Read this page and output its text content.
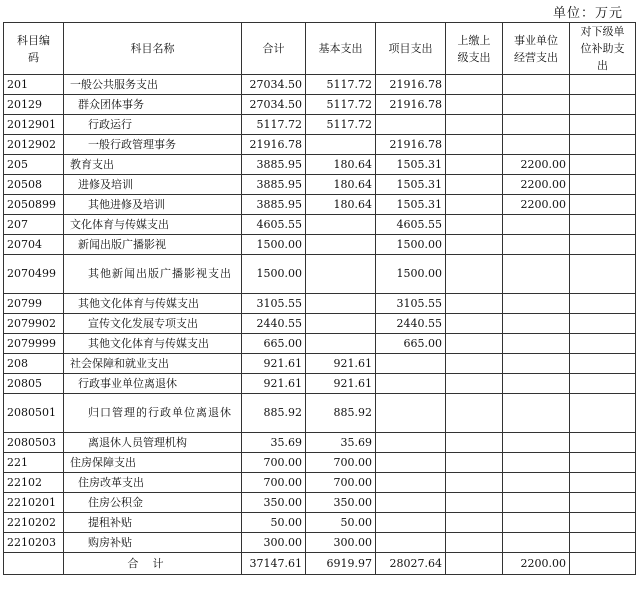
单位：万元
科目编码	科目名称	合计	基本支出	项目支出	上缴上级支出	事业单位经营支出	对下级单位补助支出
201	一般公共服务支出	27034.50	5117.72	21916.78			
20129	群众团体事务	27034.50	5117.72	21916.78			
2012901	行政运行	5117.72	5117.72				
2012902	一般行政管理事务	21916.78		21916.78			
205	教育支出	3885.95	180.64	1505.31		2200.00	
20508	进修及培训	3885.95	180.64	1505.31		2200.00	
2050899	其他进修及培训	3885.95	180.64	1505.31		2200.00	
207	文化体育与传媒支出	4605.55		4605.55			
20704	新闻出版广播影视	1500.00		1500.00			
2070499	其他新闻出版广播影视支出	1500.00		1500.00			
20799	其他文化体育与传媒支出	3105.55		3105.55			
2079902	宣传文化发展专项支出	2440.55		2440.55			
2079999	其他文化体育与传媒支出	665.00		665.00			
208	社会保障和就业支出	921.61	921.61				
20805	行政事业单位离退休	921.61	921.61				
2080501	归口管理的行政单位离退休	885.92	885.92				
2080503	离退休人员管理机构	35.69	35.69				
221	住房保障支出	700.00	700.00				
22102	住房改革支出	700.00	700.00				
2210201	住房公积金	350.00	350.00				
2210202	提租补贴	50.00	50.00				
2210203	购房补贴	300.00	300.00				
	合计	37147.61	6919.97	28027.64		2200.00	
